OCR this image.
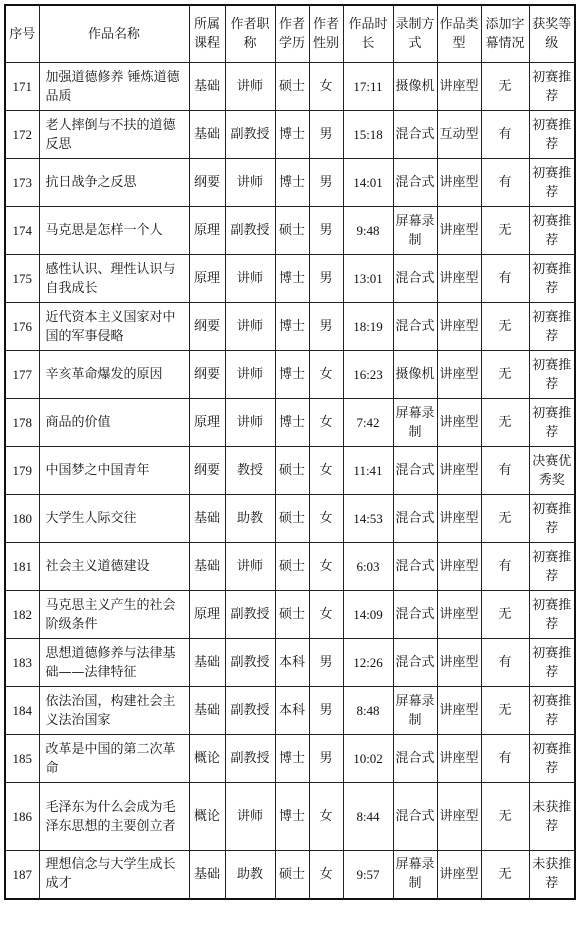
序号	作品名称	所属课程	作者职称	作者学历	作者性别	作品时长	录制方式	作品类型	添加字幕情况	获奖等级
171	加强道德修养 锤炼道德品质	基础	讲师	硕士	女	17:11	摄像机	讲座型	无	初赛推荐
172	老人摔倒与不扶的道德反思	基础	副教授	博士	男	15:18	混合式	互动型	有	初赛推荐
173	抗日战争之反思	纲要	讲师	博士	男	14:01	混合式	讲座型	有	初赛推荐
174	马克思是怎样一个人	原理	副教授	硕士	男	9:48	屏幕录制	讲座型	无	初赛推荐
175	感性认识、理性认识与自我成长	原理	讲师	博士	男	13:01	混合式	讲座型	有	初赛推荐
176	近代资本主义国家对中国的军事侵略	纲要	讲师	博士	男	18:19	混合式	讲座型	无	初赛推荐
177	辛亥革命爆发的原因	纲要	讲师	博士	女	16:23	摄像机	讲座型	无	初赛推荐
178	商品的价值	原理	讲师	博士	女	7:42	屏幕录制	讲座型	无	初赛推荐
179	中国梦之中国青年	纲要	教授	硕士	女	11:41	混合式	讲座型	有	决赛优秀奖
180	大学生人际交往	基础	助教	硕士	女	14:53	混合式	讲座型	无	初赛推荐
181	社会主义道德建设	基础	讲师	硕士	女	6:03	混合式	讲座型	有	初赛推荐
182	马克思主义产生的社会阶级条件	原理	副教授	硕士	女	14:09	混合式	讲座型	无	初赛推荐
183	思想道德修养与法律基础——法律特征	基础	副教授	本科	男	12:26	混合式	讲座型	有	初赛推荐
184	依法治国，构建社会主义法治国家	基础	副教授	本科	男	8:48	屏幕录制	讲座型	无	初赛推荐
185	改革是中国的第二次革命	概论	副教授	博士	男	10:02	混合式	讲座型	有	初赛推荐
186	毛泽东为什么会成为毛泽东思想的主要创立者	概论	讲师	博士	女	8:44	混合式	讲座型	无	未获推荐
187	理想信念与大学生成长成才	基础	助教	硕士	女	9:57	屏幕录制	讲座型	无	未获推荐
